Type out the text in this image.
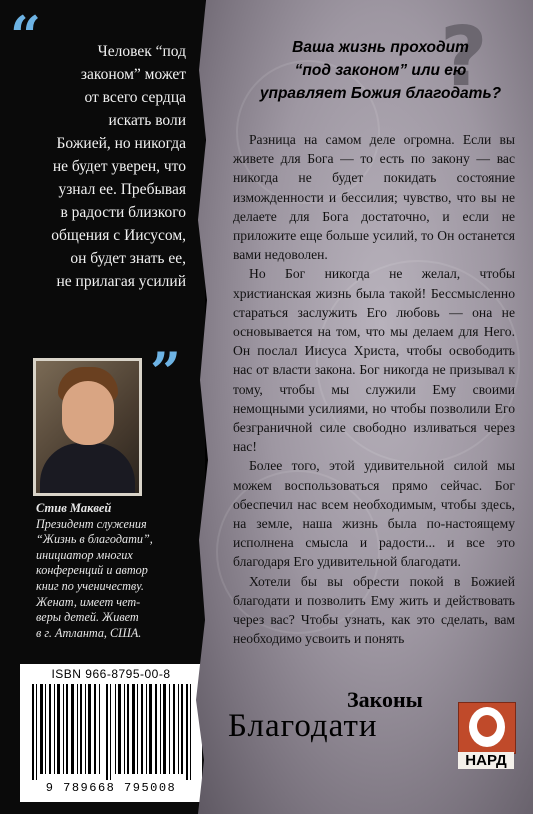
“	Человек “под

законом” может

от всего сердца

искать воли

Божией, но никогда

не будет уверен, что

узнал ее. Пребывая

в радости близкого

общения с Иисусом,

он будет знать ее,

не прилагая усилий

”
Стив Маквей
Президент служения
“Жизнь в благодати”,
инициатор многих
конференций и автор
книг по ученичеству.
Женат, имеет чет-
веры детей. Живет
в г. Атланта, США.
ISBN 966-8795-00-8
9 789668 795008
?
Ваша жизнь проходит
“под законом” или ею
управляет Божия благодать?

Разница на самом деле огромна. Если вы живете для Бога — то есть по закону — вас никогда не будет покидать состояние изможденности и бессилия; чувство, что вы не делаете для Бога достаточно, и если не приложите еще больше усилий, то Он останется вами недоволен.

Но Бог никогда не желал, чтобы христианская жизнь была такой! Бессмысленно стараться заслужить Его любовь — она не основывается на том, что мы делаем для Него. Он послал Иисуса Христа, чтобы освободить нас от власти закона. Бог никогда не призывал к тому, чтобы мы служили Ему своими немощными усилиями, но чтобы позволили Его безграничной силе свободно изливаться через нас!

Более того, этой удивительной силой мы можем воспользоваться прямо сейчас. Бог обеспечил нас всем необходимым, чтобы здесь, на земле, наша жизнь была по-настоящему исполнена смысла и радости... и все это благодаря Его удивительной благодати.

Хотели бы вы обрести покой в Божией благодати и позволить Ему жить и действовать через вас? Чтобы узнать, как это сделать, вам необходимо усвоить и понять

Законы
Благодати
НАРД
